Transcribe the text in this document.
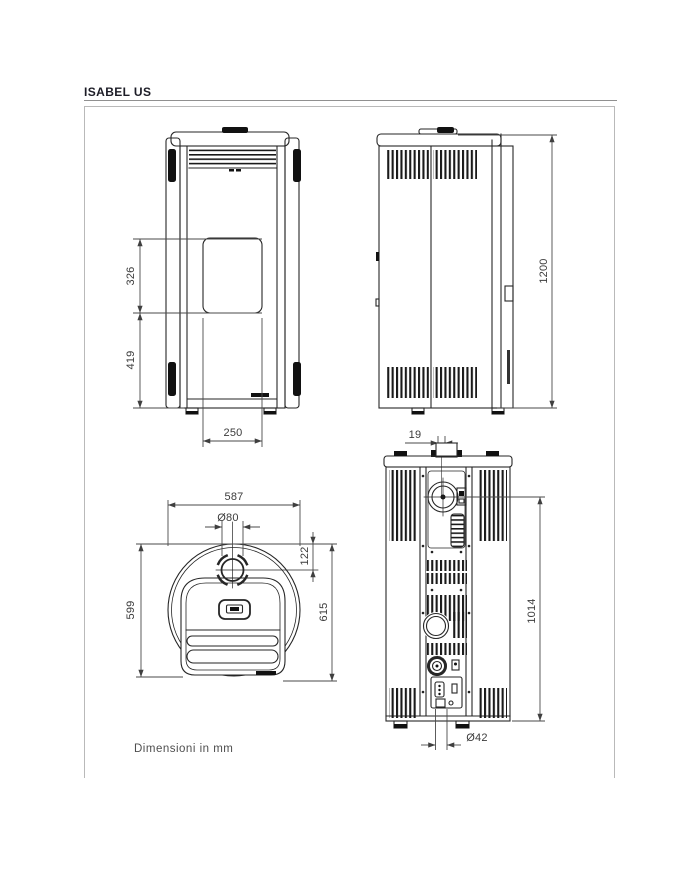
ISABEL US
326
419
250
1200
19
587
Ø80
122
599	615	1014
Ø42
Dimensioni in mm
